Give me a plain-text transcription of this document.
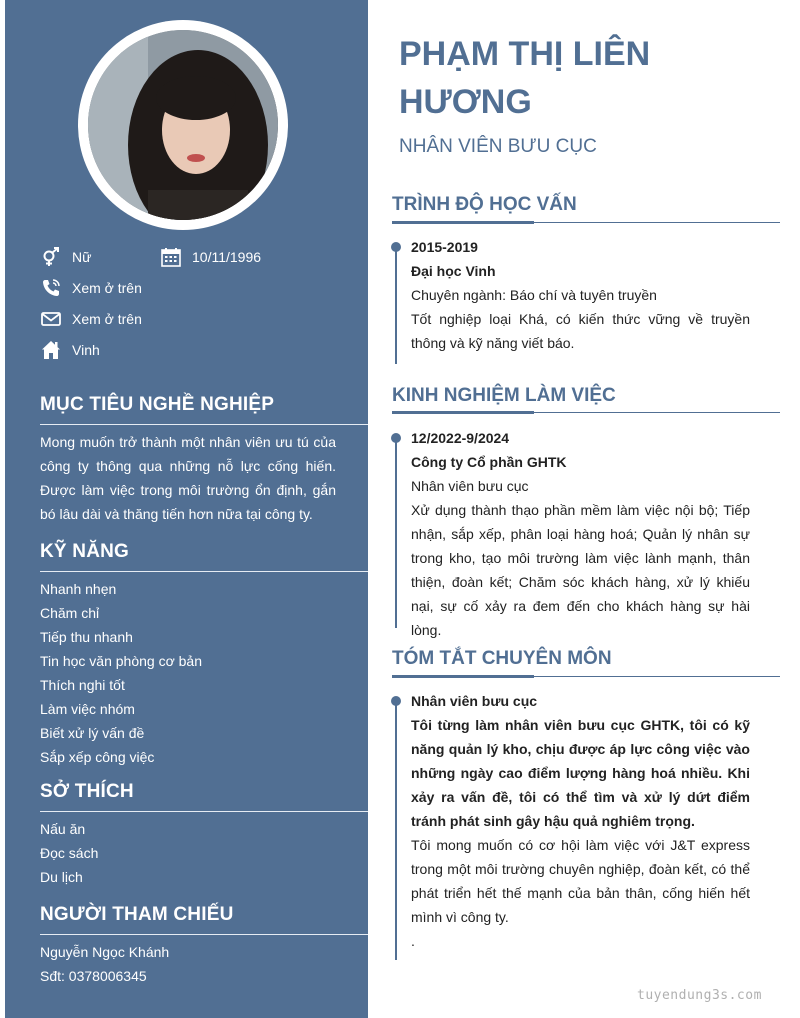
Nữ	10/11/1996
Xem ở trên
Xem ở trên
Vinh
MỤC TIÊU NGHỀ NGHIỆP
Mong muốn trở thành một nhân viên ưu tú của công ty thông qua những nỗ lực cống hiến. Được làm việc trong môi trường ổn định, gắn bó lâu dài và thăng tiến hơn nữa tại công ty.
KỸ NĂNG
Nhanh nhẹn
Chăm chỉ
Tiếp thu nhanh
Tin học văn phòng cơ bản
Thích nghi tốt
Làm việc nhóm
Biết xử lý vấn đề
Sắp xếp công việc
SỞ THÍCH
Nấu ăn
Đọc sách
Du lịch
NGƯỜI THAM CHIẾU
Nguyễn Ngọc Khánh
Sđt: 0378006345
PHẠM THỊ LIÊN HƯƠNG
NHÂN VIÊN BƯU CỤC
TRÌNH ĐỘ HỌC VẤN
2015-2019
Đại học Vinh
Chuyên ngành: Báo chí và tuyên truyền
Tốt nghiệp loại Khá, có kiến thức vững về truyền thông và kỹ năng viết báo.
KINH NGHIỆM LÀM VIỆC
12/2022-9/2024
Công ty Cổ phần GHTK
Nhân viên bưu cục
Xử dụng thành thạo phần mềm làm việc nội bộ; Tiếp nhận, sắp xếp, phân loại hàng hoá; Quản lý nhân sự trong kho, tạo môi trường làm việc lành mạnh, thân thiện, đoàn kết; Chăm sóc khách hàng, xử lý khiếu nại, sự cố xảy ra đem đến cho khách hàng sự hài lòng.
TÓM TẮT CHUYÊN MÔN
Nhân viên bưu cục
Tôi từng làm nhân viên bưu cục GHTK, tôi có kỹ năng quản lý kho, chịu được áp lực công việc vào những ngày cao điểm lượng hàng hoá nhiều. Khi xảy ra vấn đề, tôi có thể tìm và xử lý dứt điểm tránh phát sinh gây hậu quả nghiêm trọng.
Tôi mong muốn có cơ hội làm việc với J&T express trong một môi trường chuyên nghiệp, đoàn kết, có thể phát triển hết thế mạnh của bản thân, cống hiến hết mình vì công ty.
.
tuyendung3s.com
